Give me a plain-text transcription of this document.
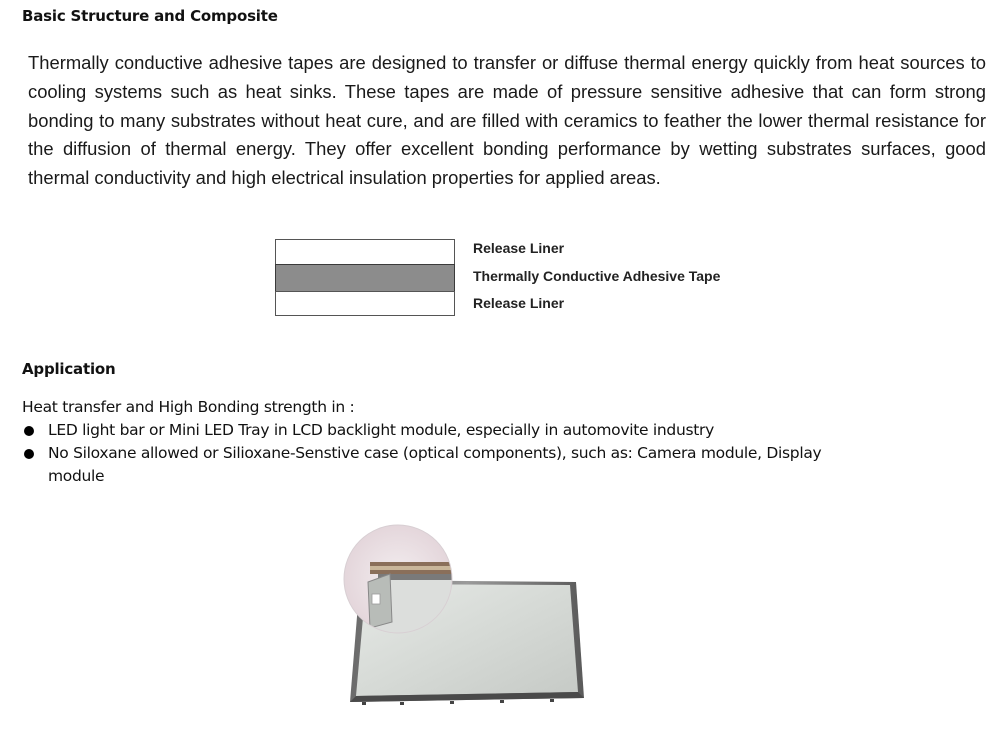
Basic Structure and Composite

Thermally conductive adhesive tapes are designed to transfer or diffuse thermal energy quickly from heat sources to cooling systems such as heat sinks. These tapes are made of pressure sensitive adhesive that can form strong bonding to many substrates without heat cure, and are filled with ceramics to feather the lower thermal resistance for the diffusion of thermal energy. They offer excellent bonding performance by wetting substrates surfaces, good thermal conductivity and high electrical insulation properties for applied areas.

Release Liner
Thermally Conductive Adhesive Tape
Release Liner
Application

Heat transfer and High Bonding strength in :

LED light bar or Mini LED Tray in LCD backlight module, especially in automovite industry
No Siloxane allowed or Silioxane-Senstive case (optical components), such as: Camera module, Display module
